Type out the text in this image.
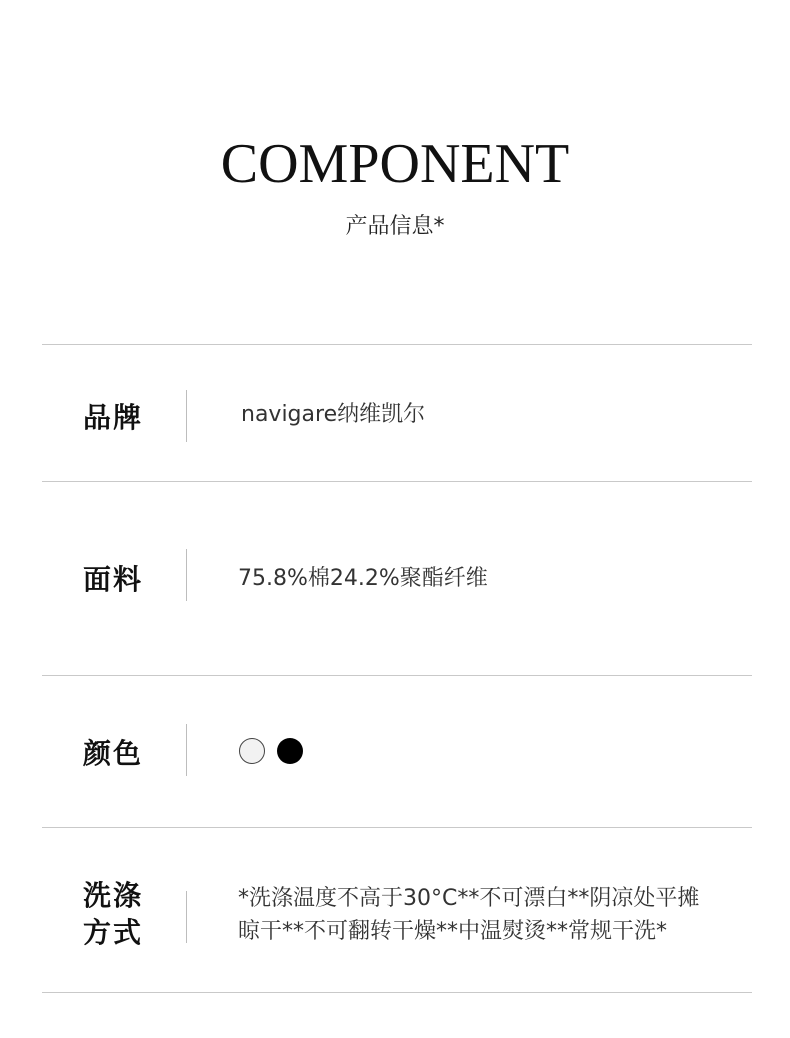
COMPONENT
产品信息*
品牌	navigare纳维凯尔
面料	75.8%棉24.2%聚酯纤维
颜色
洗涤
方式
*洗涤温度不高于30°C**不可漂白**阴凉处平摊
晾干**不可翻转干燥**中温熨烫**常规干洗*
